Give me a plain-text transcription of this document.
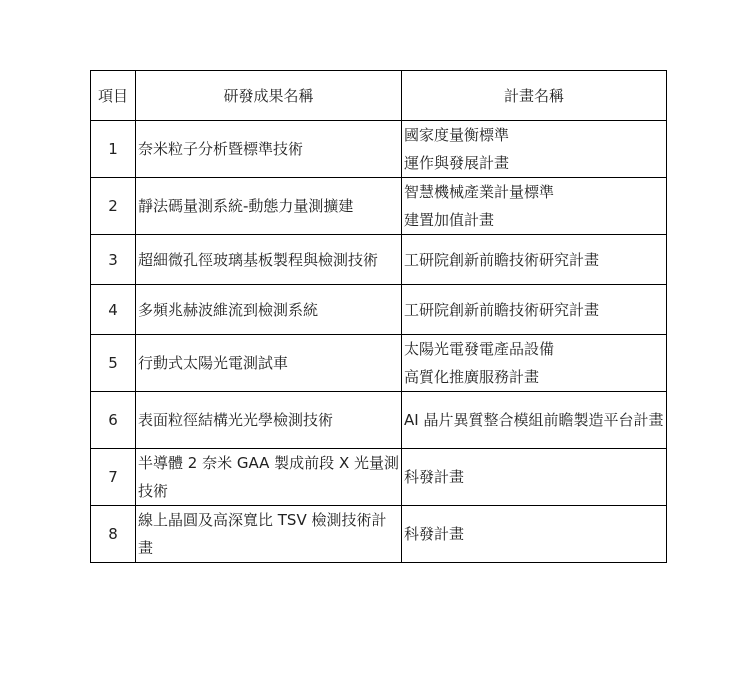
項目	研發成果名稱	計畫名稱
1	奈米粒子分析暨標準技術	國家度量衡標準
運作與發展計畫
2	靜法碼量測系統-動態力量測擴建	智慧機械產業計量標準
建置加值計畫
3	超細微孔徑玻璃基板製程與檢測技術	工研院創新前瞻技術研究計畫
4	多頻兆赫波維流到檢測系統	工研院創新前瞻技術研究計畫
5	行動式太陽光電測試車	太陽光電發電產品設備
高質化推廣服務計畫
6	表面粒徑結構光光學檢測技術	AI 晶片異質整合模組前瞻製造平台計畫
7	半導體 2 奈米 GAA 製成前段 X 光量測技術	科發計畫
8	線上晶圓及高深寬比 TSV 檢測技術計畫	科發計畫
